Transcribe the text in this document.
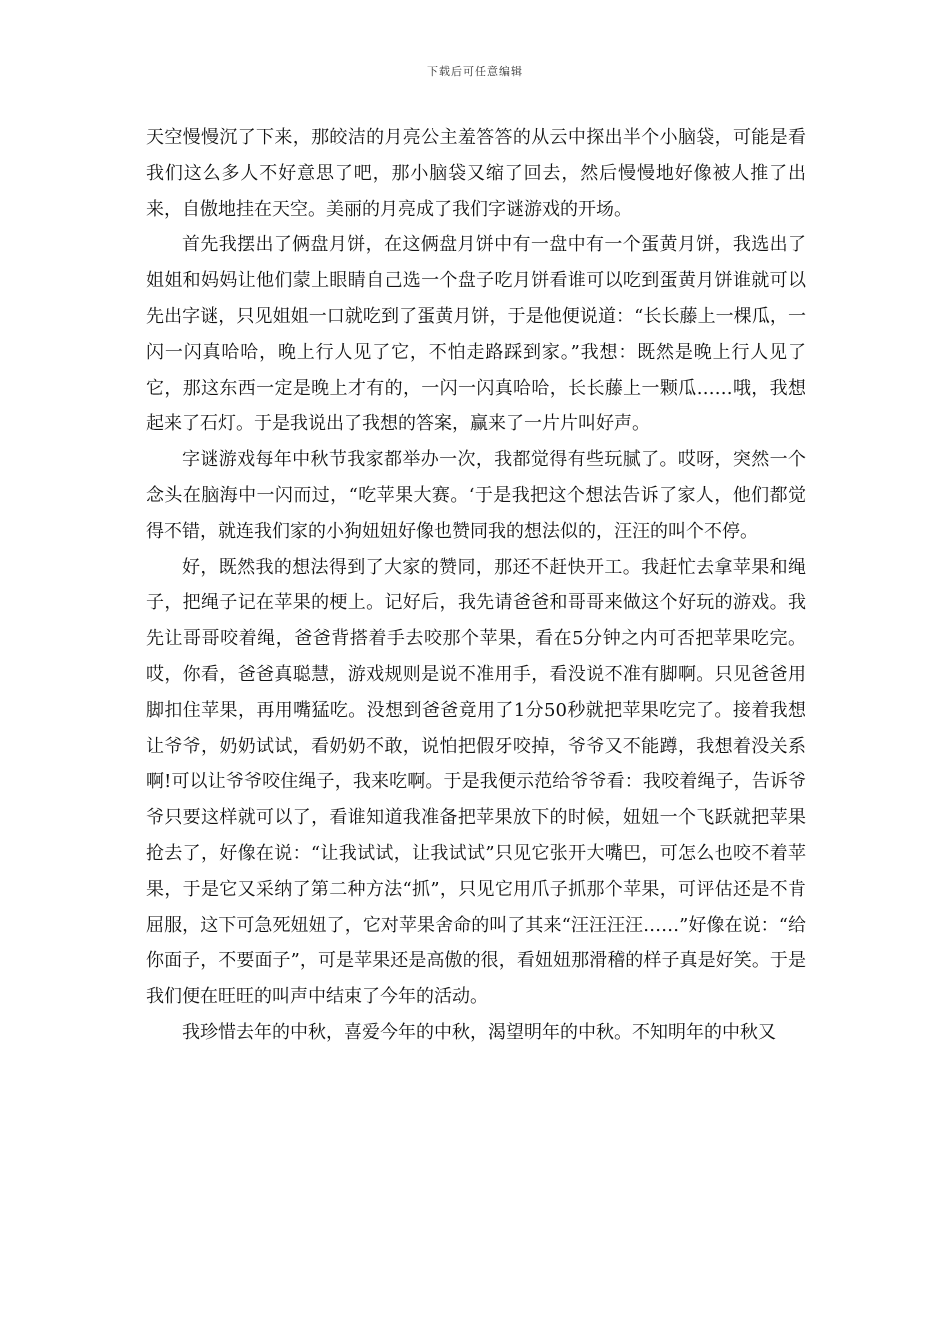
下载后可任意编辑

天空慢慢沉了下来，那皎洁的月亮公主羞答答的从云中探出半个小脑袋，可能是看我们这么多人不好意思了吧，那小脑袋又缩了回去，然后慢慢地好像被人推了出来，自傲地挂在天空。美丽的月亮成了我们字谜游戏的开场。

首先我摆出了俩盘月饼，在这俩盘月饼中有一盘中有一个蛋黄月饼，我选出了姐姐和妈妈让他们蒙上眼睛自己选一个盘子吃月饼看谁可以吃到蛋黄月饼谁就可以先出字谜，只见姐姐一口就吃到了蛋黄月饼，于是他便说道：“长长藤上一棵瓜，一闪一闪真哈哈，晚上行人见了它，不怕走路踩到家。”我想：既然是晚上行人见了它，那这东西一定是晚上才有的，一闪一闪真哈哈，长长藤上一颗瓜……哦，我想起来了石灯。于是我说出了我想的答案，赢来了一片片叫好声。

字谜游戏每年中秋节我家都举办一次，我都觉得有些玩腻了。哎呀，突然一个念头在脑海中一闪而过，“吃苹果大赛。‘于是我把这个想法告诉了家人，他们都觉得不错，就连我们家的小狗妞妞好像也赞同我的想法似的，汪汪的叫个不停。

好，既然我的想法得到了大家的赞同，那还不赶快开工。我赶忙去拿苹果和绳子，把绳子记在苹果的梗上。记好后，我先请爸爸和哥哥来做这个好玩的游戏。我先让哥哥咬着绳，爸爸背搭着手去咬那个苹果，看在5分钟之内可否把苹果吃完。哎，你看，爸爸真聪慧，游戏规则是说不准用手，看没说不准有脚啊。只见爸爸用脚扣住苹果，再用嘴猛吃。没想到爸爸竟用了1分50秒就把苹果吃完了。接着我想让爷爷，奶奶试试，看奶奶不敢，说怕把假牙咬掉，爷爷又不能蹲，我想着没关系啊!可以让爷爷咬住绳子，我来吃啊。于是我便示范给爷爷看：我咬着绳子，告诉爷爷只要这样就可以了，看谁知道我准备把苹果放下的时候，妞妞一个飞跃就把苹果抢去了，好像在说：“让我试试，让我试试”只见它张开大嘴巴，可怎么也咬不着苹果，于是它又采纳了第二种方法“抓”，只见它用爪子抓那个苹果，可评估还是不肯屈服，这下可急死妞妞了，它对苹果舍命的叫了其来“汪汪汪汪……”好像在说：“给你面子，不要面子”，可是苹果还是高傲的很，看妞妞那滑稽的样子真是好笑。于是我们便在旺旺的叫声中结束了今年的活动。

我珍惜去年的中秋，喜爱今年的中秋，渴望明年的中秋。不知明年的中秋又
